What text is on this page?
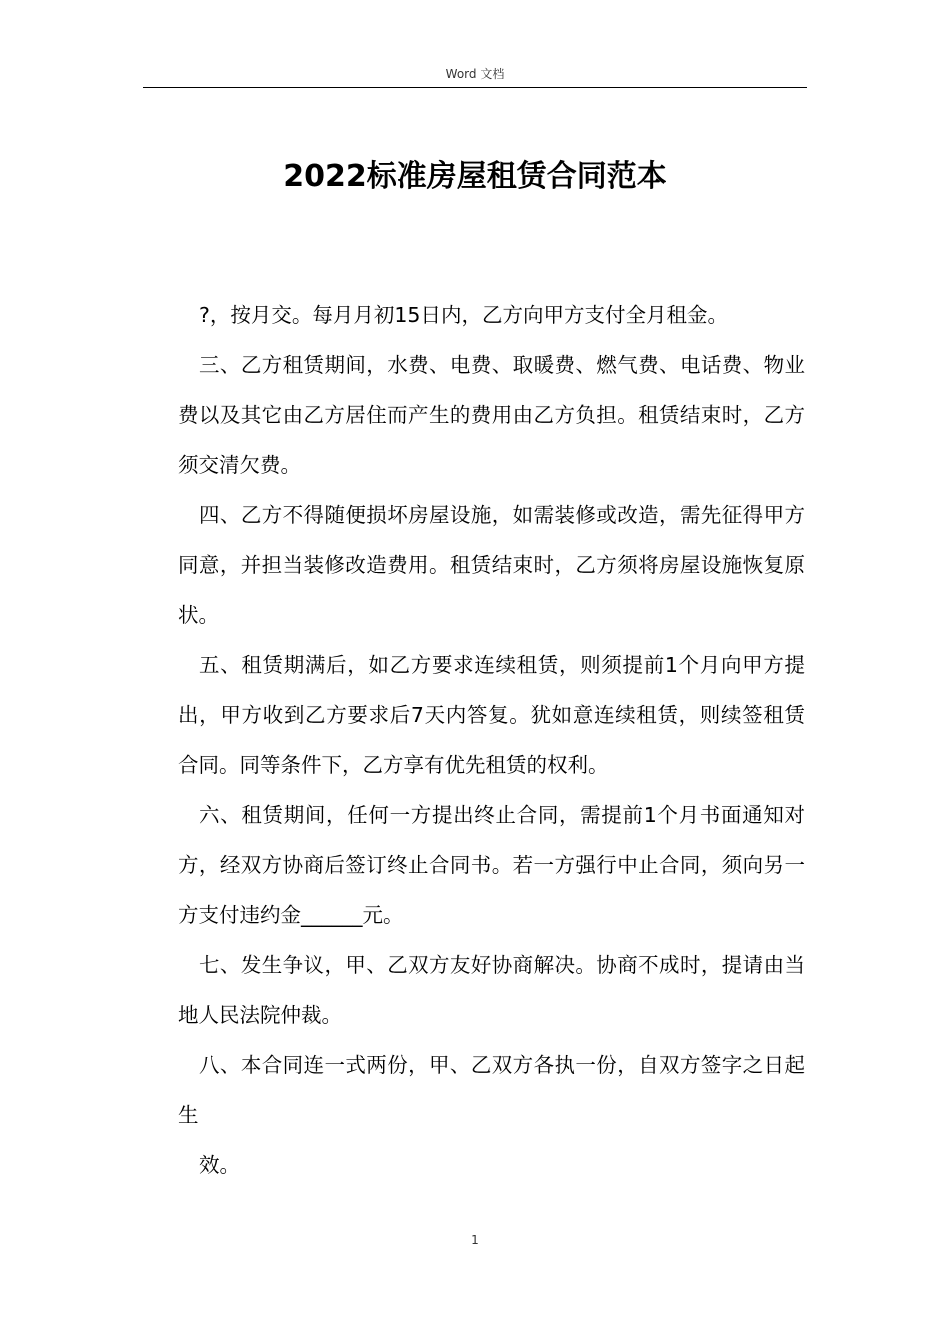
Word 文档
2022标准房屋租赁合同范本

?，按月交。每月月初15日内，乙方向甲方支付全月租金。

三、乙方租赁期间，水费、电费、取暖费、燃气费、电话费、物业费以及其它由乙方居住而产生的费用由乙方负担。租赁结束时，乙方须交清欠费。

四、乙方不得随便损坏房屋设施，如需装修或改造，需先征得甲方同意，并担当装修改造费用。租赁结束时，乙方须将房屋设施恢复原状。

五、租赁期满后，如乙方要求连续租赁，则须提前1个月向甲方提出，甲方收到乙方要求后7天内答复。犹如意连续租赁，则续签租赁合同。同等条件下，乙方享有优先租赁的权利。

六、租赁期间，任何一方提出终止合同，需提前1个月书面通知对方，经双方协商后签订终止合同书。若一方强行中止合同，须向另一方支付违约金______元。

七、发生争议，甲、乙双方友好协商解决。协商不成时，提请由当地人民法院仲裁。

八、本合同连一式两份，甲、乙双方各执一份，自双方签字之日起生

效。

1
